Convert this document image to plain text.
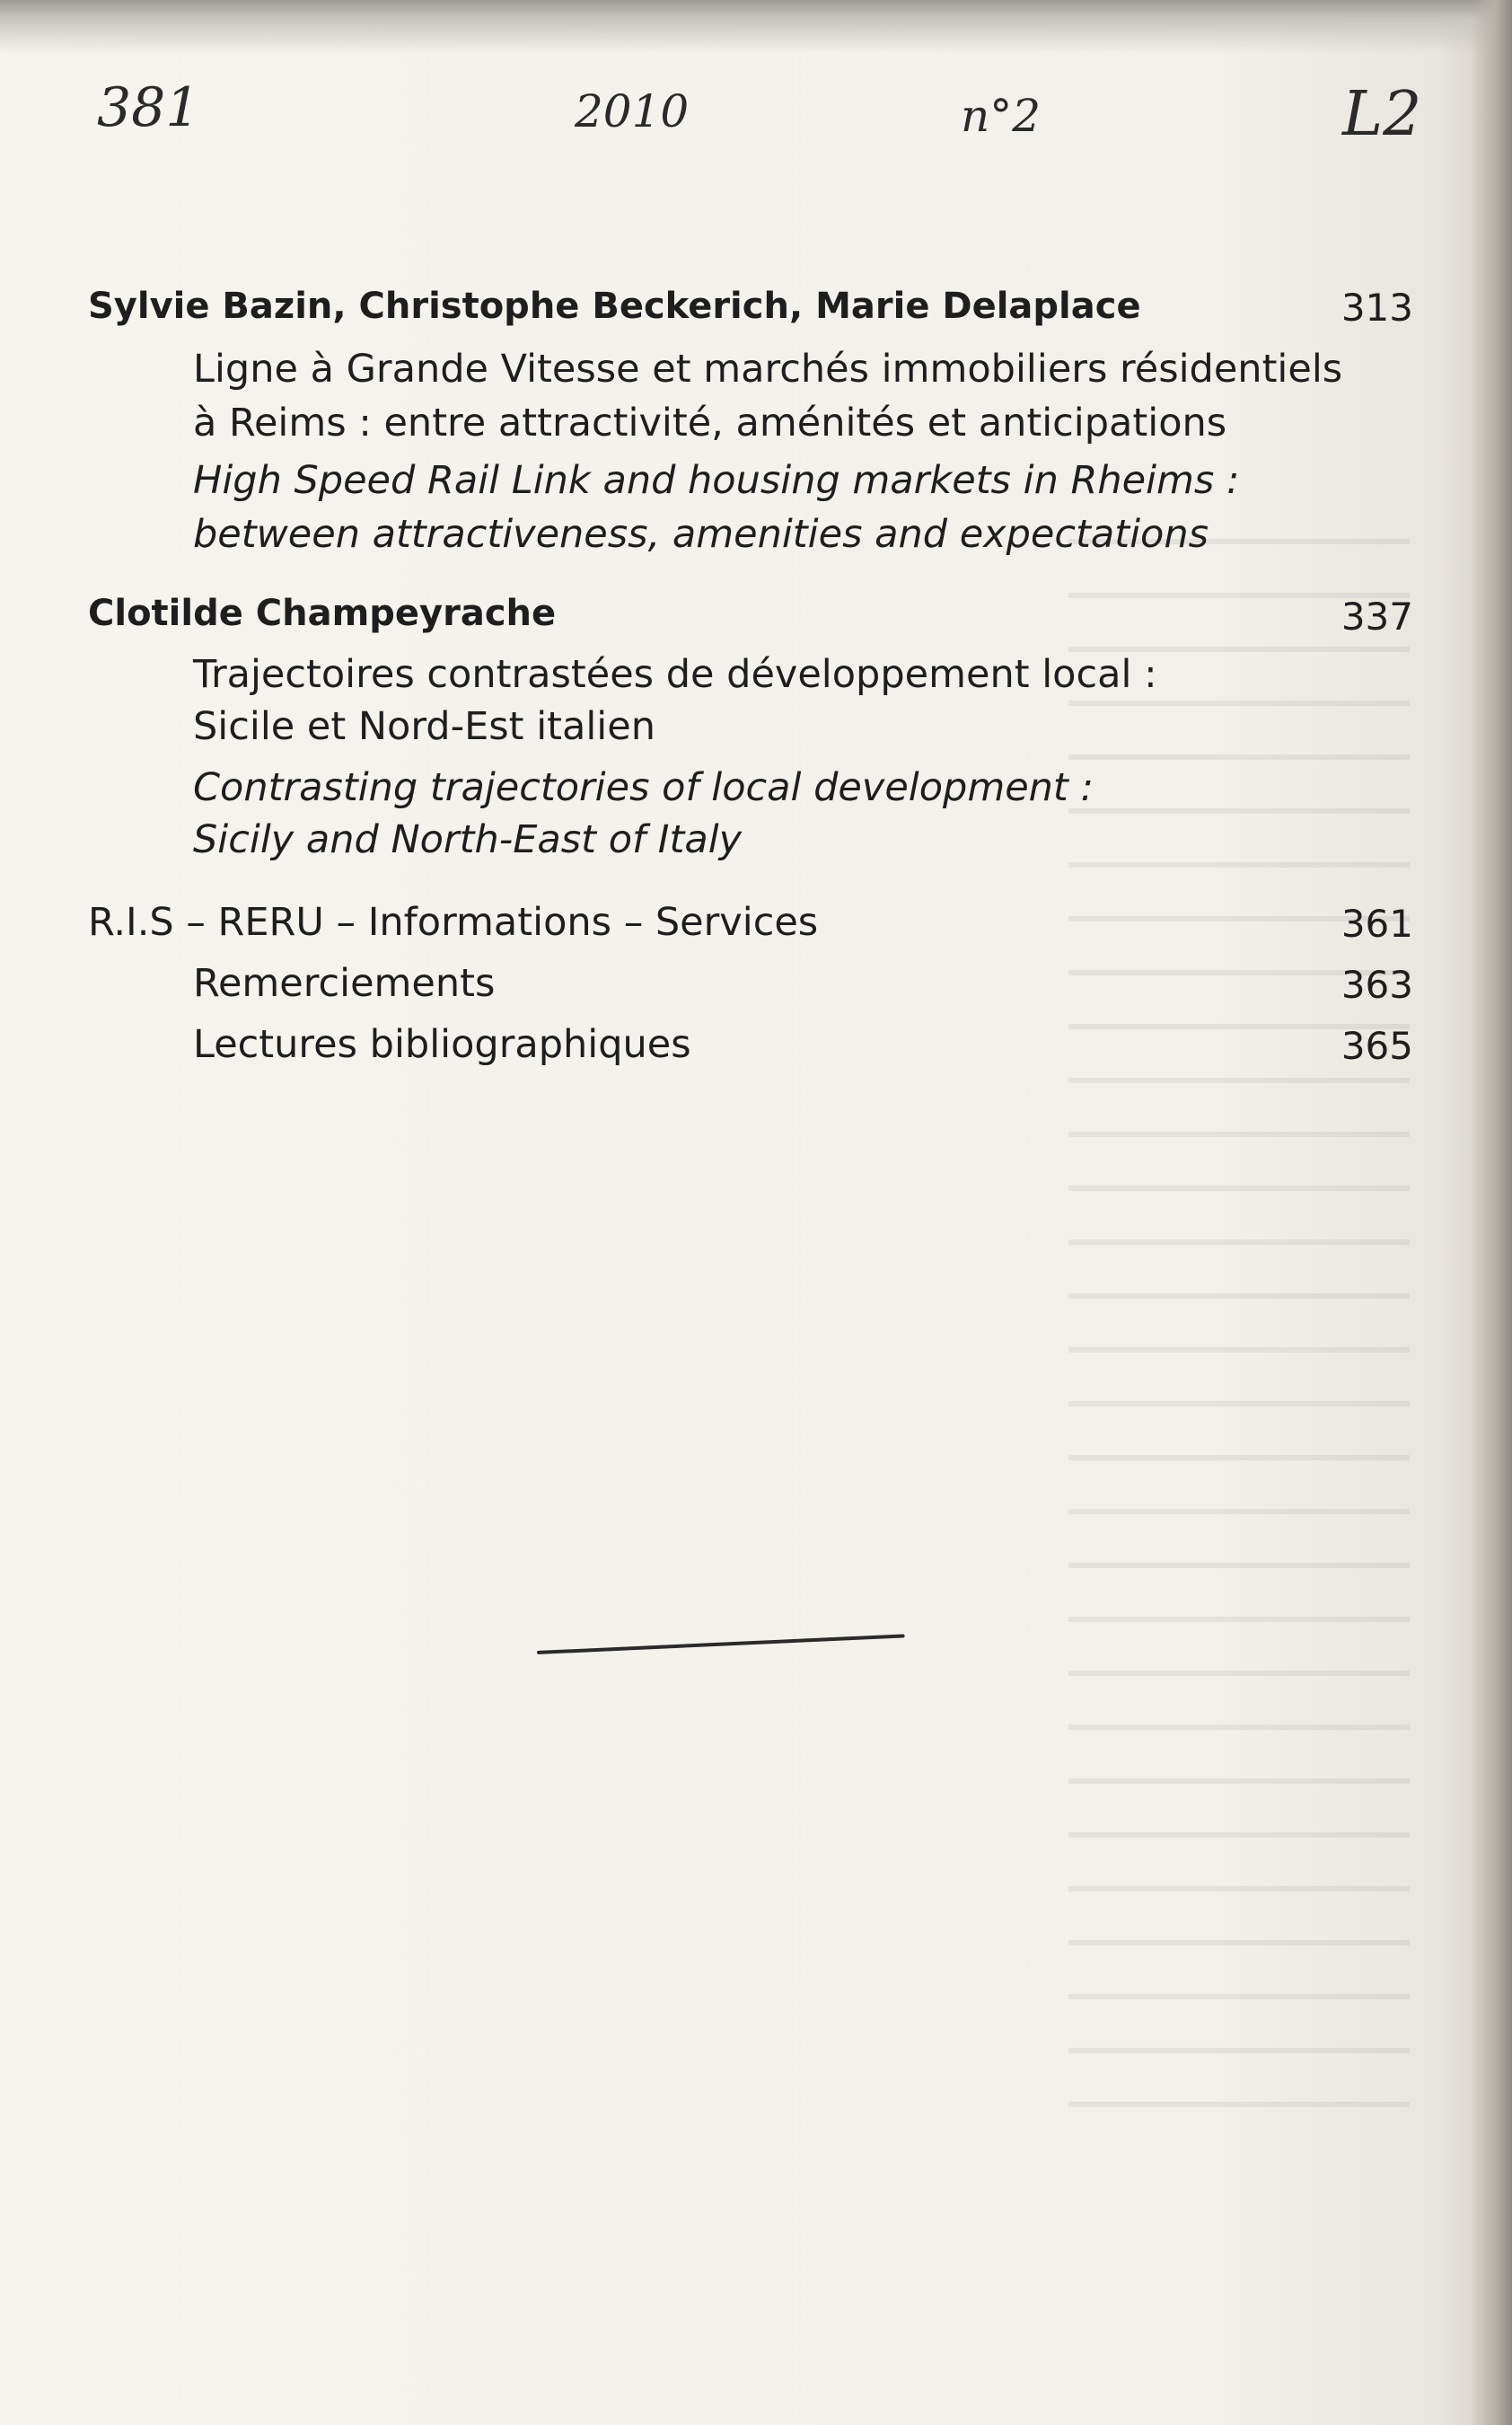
381	2010	n°2	L2
Sylvie Bazin, Christophe Beckerich, Marie Delaplace	313
Ligne à Grande Vitesse et marchés immobiliers résidentiels
à Reims : entre attractivité, aménités et anticipations
High Speed Rail Link and housing markets in Rheims :
between attractiveness, amenities and expectations
Clotilde Champeyrache	337
Trajectoires contrastées de développement local :
Sicile et Nord-Est italien
Contrasting trajectories of local development :
Sicily and North-East of Italy
R.I.S – RERU – Informations – Services	361
Remerciements	363
Lectures bibliographiques	365
